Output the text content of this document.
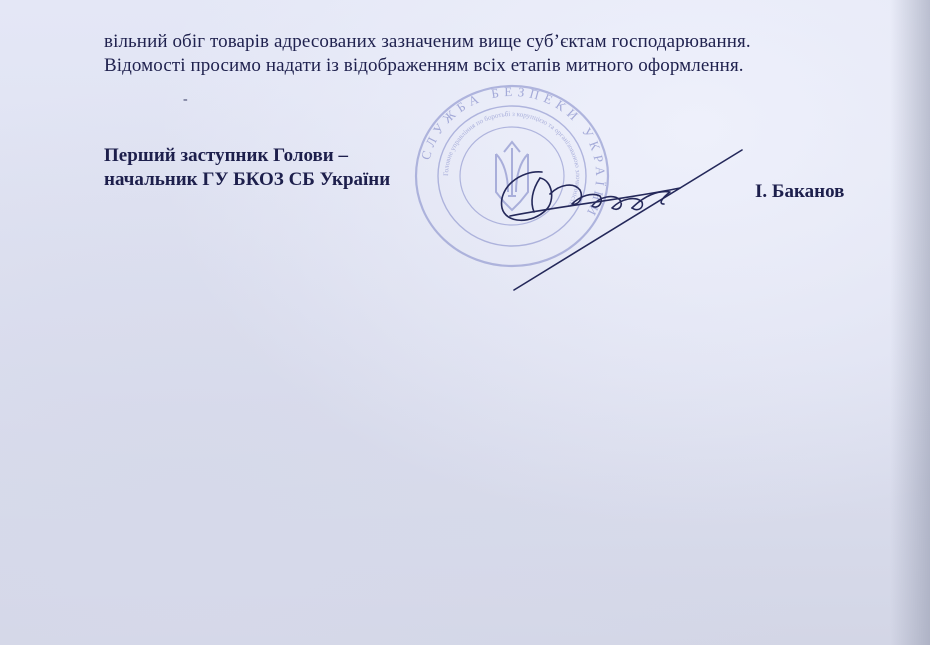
вільний обіг товарів адресованих зазначеним вище суб’єктам господарювання.

Відомості просимо надати із відображенням всіх етапів митного оформлення.

-
Перший заступник Голови –
начальник ГУ БКОЗ СБ України
СЛУЖБА БЕЗПЕКИ УКРАЇНИ
Головне управління по боротьбі з корупцією та організованою злочинністю
І. Баканов
